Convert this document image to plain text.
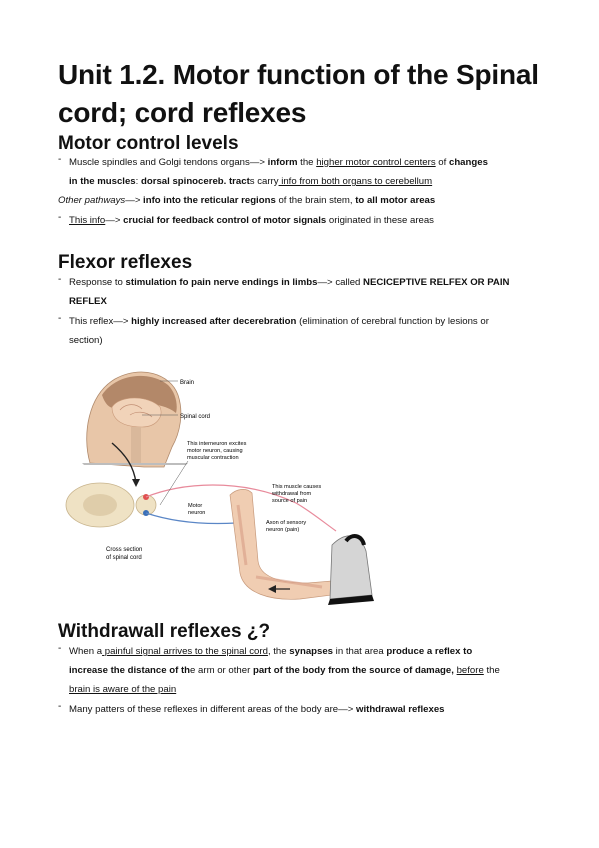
Unit 1.2. Motor function of the Spinal cord; cord reflexes
Motor control levels
- Muscle spindles and Golgi tendons organs—> inform the higher motor control centers of changes
in the muscles: dorsal spinocereb. tracts carry info from both organs to cerebellum
Other pathways—> info into the reticular regions of the brain stem, to all motor areas
- This info—> crucial for feedback control of motor signals originated in these areas
Flexor reflexes
- Response to stimulation fo pain nerve endings in limbs—> called NECICEPTIVE RELFEX OR PAIN
REFLEX
- This reflex—> highly increased after decerebration (elimination of cerebral function by lesions or
section)
Brain
Spinal cord
Cross section
of spinal cord
This interneuron excites
motor neuron, causing
muscular contraction
Motor
neuron
This muscle causes
withdrawal from
source of pain
Axon of sensory
neuron (pain)
Withdrawall reflexes ¿?
- When a painful signal arrives to the spinal cord, the synapses in that area produce a reflex to
increase the distance of the arm or other part of the body from the source of damage, before the
brain is aware of the pain
- Many patters of these reflexes in different areas of the body are—> withdrawal reflexes
